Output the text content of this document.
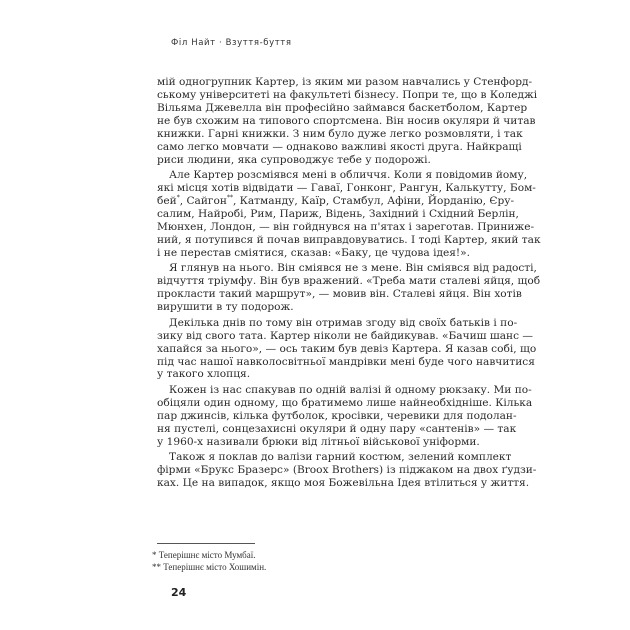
Філ Найт · Взуття-буття
мій одногрупник Картер, із яким ми разом навчались у Стенфорд-
ському університеті на факультеті бізнесу. Попри те, що в Коледжі
Вільяма Джевелла він професійно займався баскетболом, Картер
не був схожим на типового спортсмена. Він носив окуляри й читав
книжки. Гарні книжки. З ним було дуже легко розмовляти, і так
само легко мовчати — однаково важливі якості друга. Найкращі
риси людини, яка супроводжує тебе у подорожі.
Але Картер розсміявся мені в обличчя. Коли я повідомив йому,
які місця хотів відвідати — Гаваї, Гонконг, Рангун, Калькутту, Бом-
бей*, Сайгон**, Катманду, Каїр, Стамбул, Афіни, Йорданію, Єру-
салим, Найробі, Рим, Париж, Відень, Західний і Східний Берлін,
Мюнхен, Лондон, — він гойднувся на п'ятах і зареготав. Принижe-
ний, я потупився й почав виправдовуватись. І тоді Картер, який так
і не перестав сміятися, сказав: «Баку, це чудова ідея!».
Я глянув на нього. Він сміявся не з мене. Він сміявся від радості,
відчуття тріумфу. Він був вражений. «Треба мати сталеві яйця, щоб
прокласти такий маршрут», — мовив він. Сталеві яйця. Він хотів
вирушити в ту подорож.
Декілька днів по тому він отримав згоду від своїх батьків і по-
зику від свого тата. Картер ніколи не байдикував. «Бачиш шанс —
хапайся за нього», — ось таким був девіз Картера. Я казав собі, що
під час нашої навколосвітньої мандрівки мені буде чого навчитися
у такого хлопця.
Кожен із нас спакував по одній валізі й одному рюкзаку. Ми по-
обіцяли один одному, що братимемо лише найнеобхідніше. Кілька
пар джинсів, кілька футболок, кросівки, черевики для подолан-
ня пустелі, сонцезахисні окуляри й одну пару «сантенів» — так
у 1960-х називали брюки від літньої військової уніформи.
Також я поклав до валізи гарний костюм, зелений комплект
фірми «Брукс Бразерс» (Broox Brothers) із піджаком на двох ґудзи-
ках. Це на випадок, якщо моя Божевільна Ідея втілиться у життя.
* Теперішнє місто Мумбаї.
** Теперішнє місто Хошимін.
24
